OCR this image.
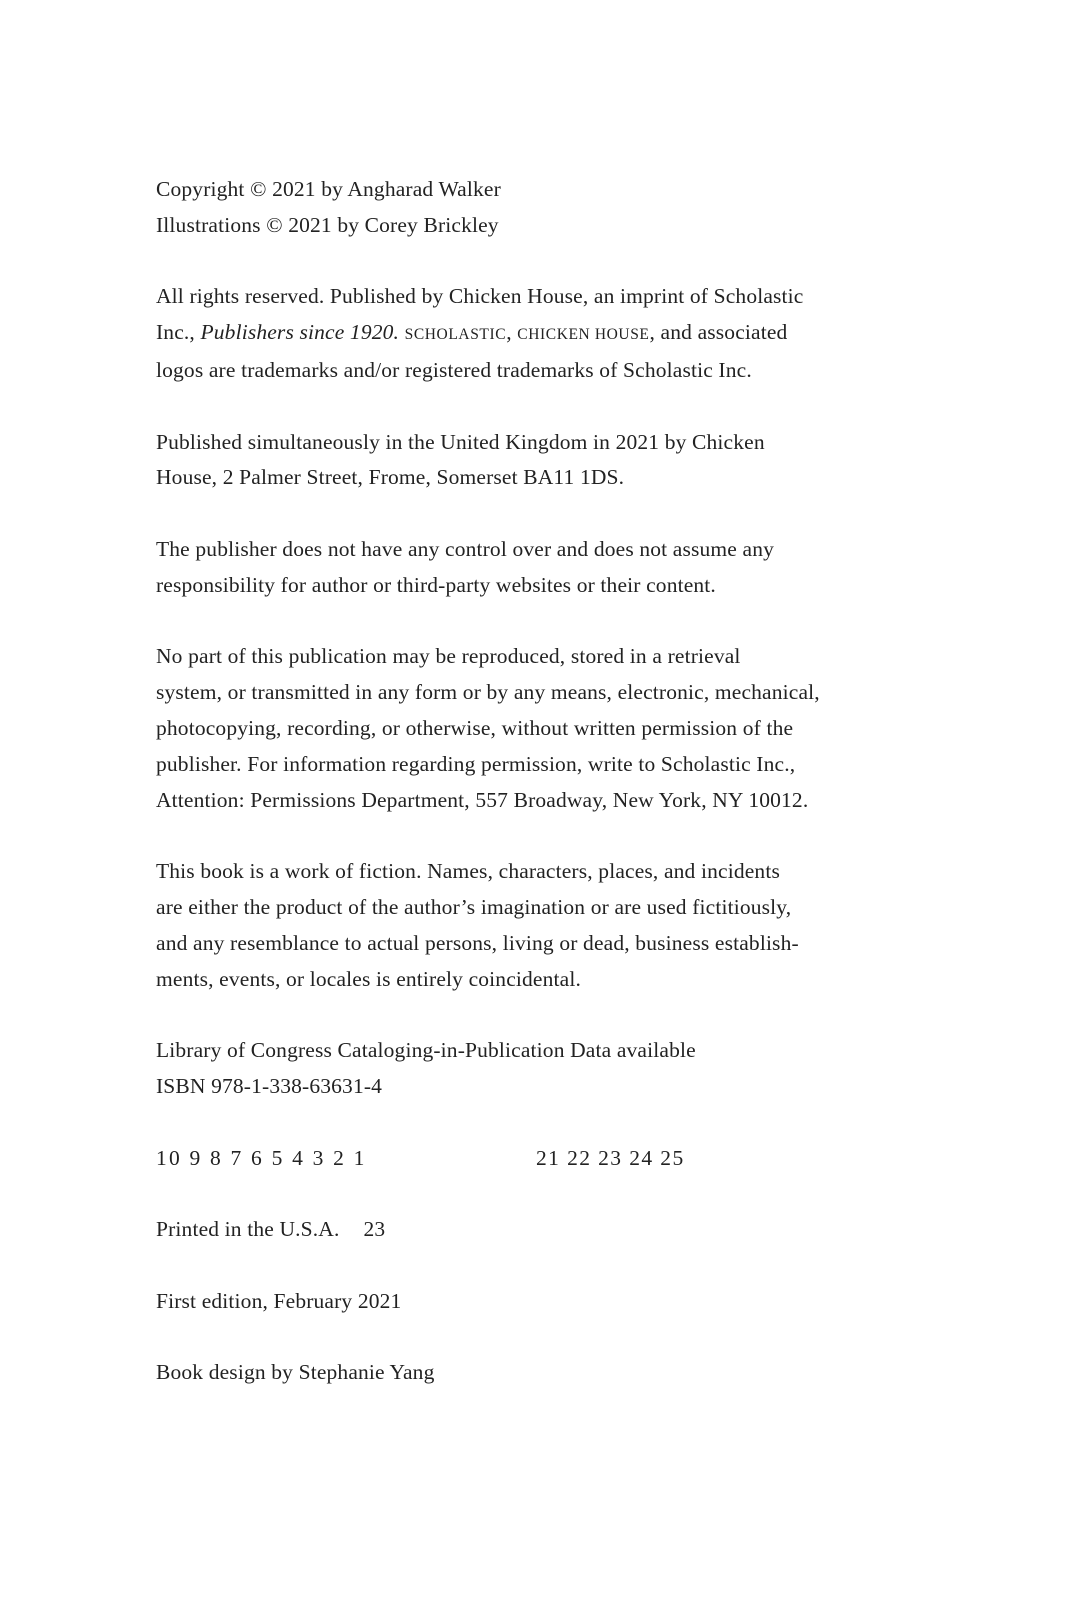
Copyright © 2021 by Angharad Walker
Illustrations © 2021 by Corey Brickley
All rights reserved. Published by Chicken House, an imprint of Scholastic
Inc., Publishers since 1920. SCHOLASTIC, CHICKEN HOUSE, and associated
logos are trademarks and/or registered trademarks of Scholastic Inc.
Published simultaneously in the United Kingdom in 2021 by Chicken
House, 2 Palmer Street, Frome, Somerset BA11 1DS.
The publisher does not have any control over and does not assume any
responsibility for author or third-party websites or their content.
No part of this publication may be reproduced, stored in a retrieval
system, or transmitted in any form or by any means, electronic, mechanical,
photocopying, recording, or otherwise, without written permission of the
publisher. For information regarding permission, write to Scholastic Inc.,
Attention: Permissions Department, 557 Broadway, New York, NY 10012.
This book is a work of fiction. Names, characters, places, and incidents
are either the product of the author’s imagination or are used fictitiously,
and any resemblance to actual persons, living or dead, business establish-
ments, events, or locales is entirely coincidental.
Library of Congress Cataloging-in-Publication Data available
ISBN 978-1-338-63631-4
10 9 8 7 6 5 4 3 2 1	21 22 23 24 25
Printed in the U.S.A. 23
First edition, February 2021
Book design by Stephanie Yang
